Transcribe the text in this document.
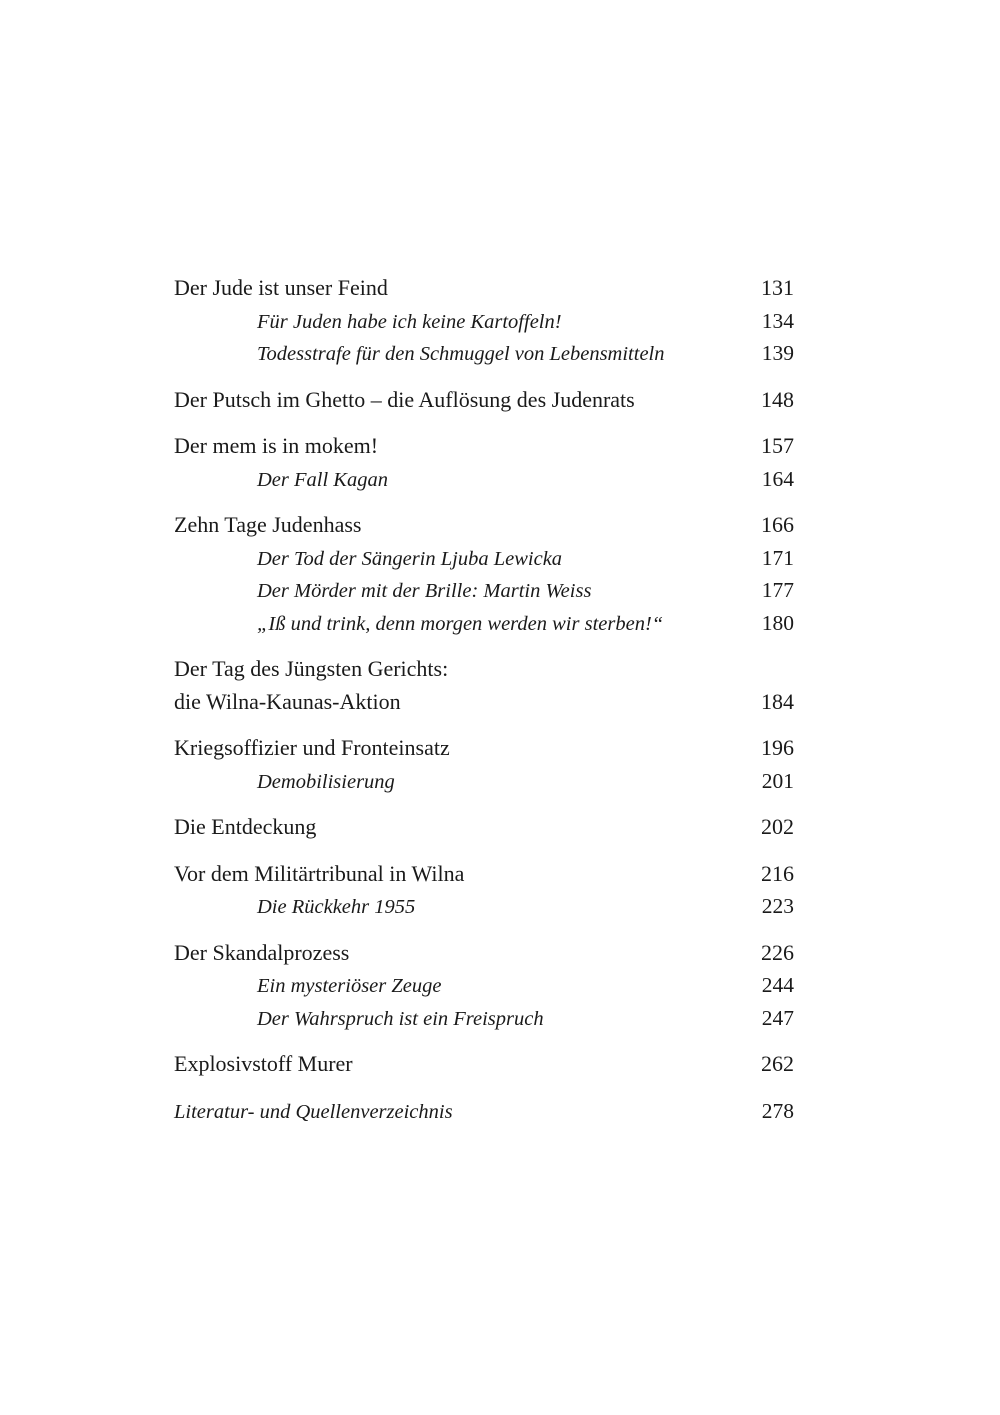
Der Jude ist unser Feind	131
Für Juden habe ich keine Kartoffeln!	134
Todesstrafe für den Schmuggel von Lebensmitteln	139
Der Putsch im Ghetto – die Auflösung des Judenrats	148
Der mem is in mokem!	157
Der Fall Kagan	164
Zehn Tage Judenhass	166
Der Tod der Sängerin Ljuba Lewicka	171
Der Mörder mit der Brille: Martin Weiss	177
„Iß und trink, denn morgen werden wir sterben!“	180
Der Tag des Jüngsten Gerichts:
die Wilna-Kaunas-Aktion	184
Kriegsoffizier und Fronteinsatz	196
Demobilisierung	201
Die Entdeckung	202
Vor dem Militärtribunal in Wilna	216
Die Rückkehr 1955	223
Der Skandalprozess	226
Ein mysteriöser Zeuge	244
Der Wahrspruch ist ein Freispruch	247
Explosivstoff Murer	262
Literatur- und Quellenverzeichnis	278
